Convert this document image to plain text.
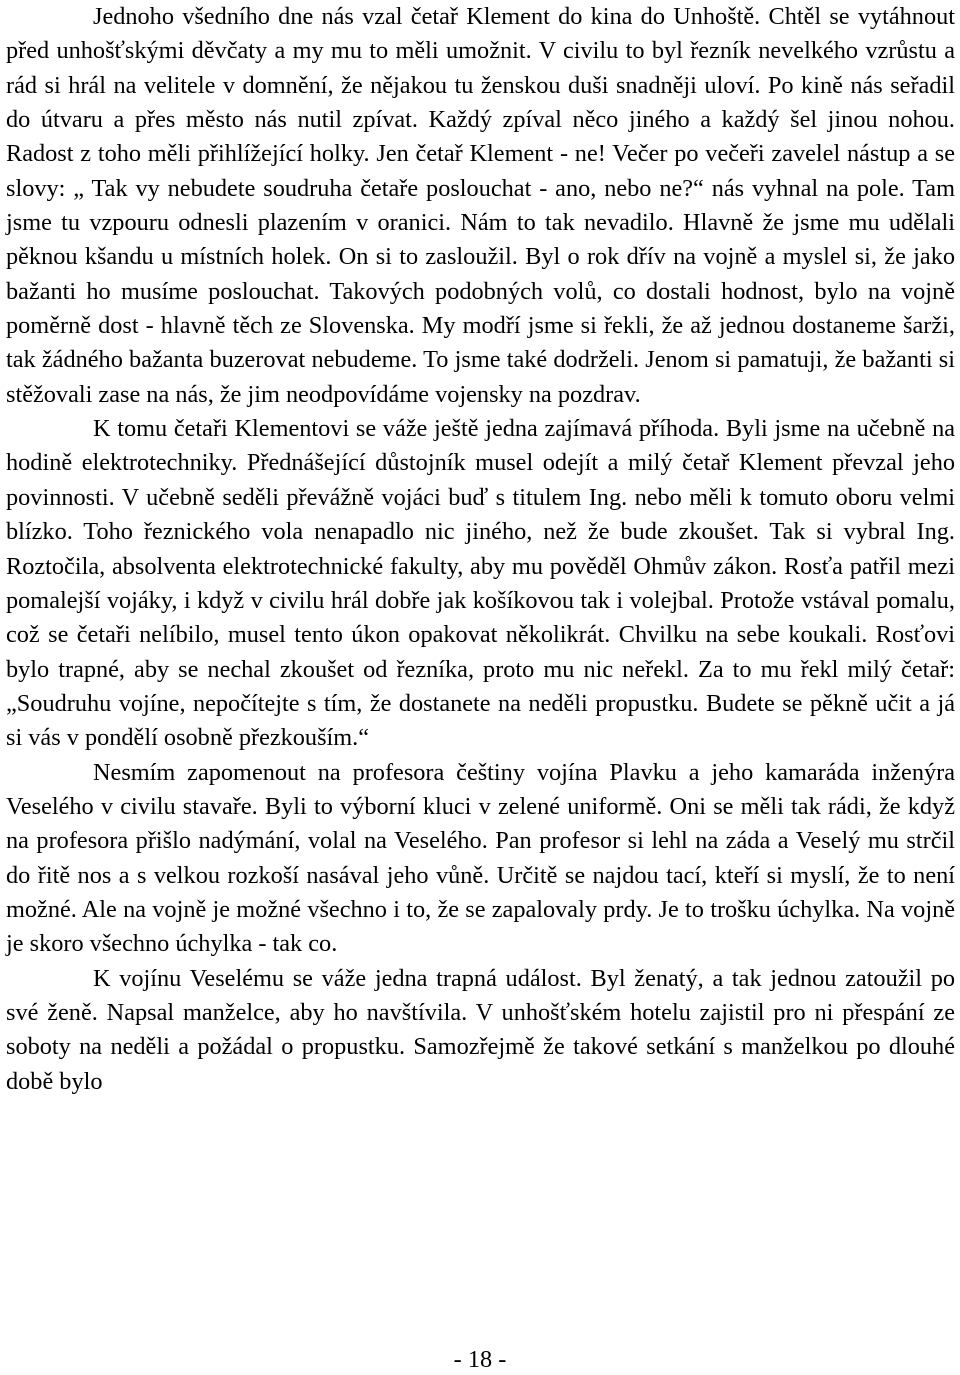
Jednoho všedního dne nás vzal četař Klement do kina do Unhoště. Chtěl se vytáhnout před unhošťskými děvčaty a my mu to měli umožnit. V civilu to byl řezník nevelkého vzrůstu a rád si hrál na velitele v domnění, že nějakou tu ženskou duši snadněji uloví. Po kině nás seřadil do útvaru a přes město nás nutil zpívat. Každý zpíval něco jiného a každý šel jinou nohou. Radost z toho měli přihlížející holky. Jen četař Klement - ne! Večer po večeři zavelel nástup a se slovy: „ Tak vy nebudete soudruha četaře poslouchat - ano, nebo ne?“ nás vyhnal na pole. Tam jsme tu vzpouru odnesli plazením v oranici. Nám to tak nevadilo. Hlavně že jsme mu udělali pěknou kšandu u místních holek. On si to zasloužil. Byl o rok dřív na vojně a myslel si, že jako bažanti ho musíme poslouchat. Takových podobných volů, co dostali hodnost, bylo na vojně poměrně dost - hlavně těch ze Slovenska. My modří jsme si řekli, že až jednou dostaneme šarži, tak žádného bažanta buzerovat nebudeme. To jsme také dodrželi. Jenom si pamatuji, že bažanti si stěžovali zase na nás, že jim neodpovídáme vojensky na pozdrav.

K tomu četaři Klementovi se váže ještě jedna zajímavá příhoda. Byli jsme na učebně na hodině elektrotechniky. Přednášející důstojník musel odejít a milý četař Klement převzal jeho povinnosti. V učebně seděli převážně vojáci buď s titulem Ing. nebo měli k tomuto oboru velmi blízko. Toho řeznického vola nenapadlo nic jiného, než že bude zkoušet. Tak si vybral Ing. Roztočila, absolventa elektrotechnické fakulty, aby mu pověděl Ohmův zákon. Rosťa patřil mezi pomalejší vojáky, i když v civilu hrál dobře jak košíkovou tak i volejbal. Protože vstával pomalu, což se četaři nelíbilo, musel tento úkon opakovat několikrát. Chvilku na sebe koukali. Rosťovi bylo trapné, aby se nechal zkoušet od řezníka, proto mu nic neřekl. Za to mu řekl milý četař: „Soudruhu vojíne, nepočítejte s tím, že dostanete na neděli propustku. Budete se pěkně učit a já si vás v pondělí osobně přezkouším.“

Nesmím zapomenout na profesora češtiny vojína Plavku a jeho kamaráda inženýra Veselého v civilu stavaře. Byli to výborní kluci v zelené uniformě. Oni se měli tak rádi, že když na profesora přišlo nadýmání, volal na Veselého. Pan profesor si lehl na záda a Veselý mu strčil do řitě nos a s velkou rozkoší nasával jeho vůně. Určitě se najdou tací, kteří si myslí, že to není možné. Ale na vojně je možné všechno i to, že se zapalovaly prdy. Je to trošku úchylka. Na vojně je skoro všechno úchylka - tak co.

K vojínu Veselému se váže jedna trapná událost. Byl ženatý, a tak jednou zatoužil po své ženě. Napsal manželce, aby ho navštívila. V unhošťském hotelu zajistil pro ni přespání ze soboty na neděli a požádal o propustku. Samozřejmě že takové setkání s manželkou po dlouhé době bylo

- 18 -
